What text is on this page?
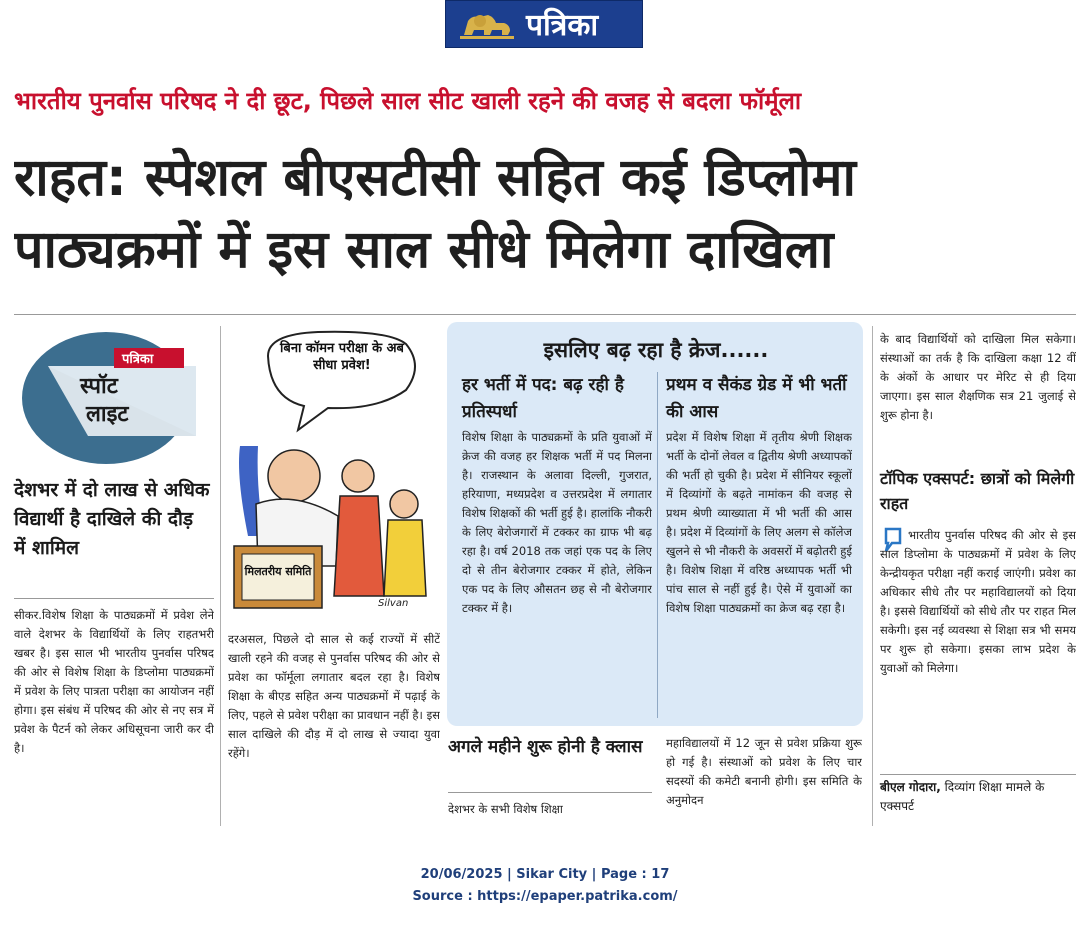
पत्रिका
भारतीय पुनर्वास परिषद ने दी छूट, पिछले साल सीट खाली रहने की वजह से बदला फॉर्मूला
राहत: स्पेशल बीएसटीसी सहित कई डिप्लोमा
पाठ्यक्रमों में इस साल सीधे मिलेगा दाखिला
पत्रिका
स्पॉट
लाइट
देशभर में दो लाख से अधिक विद्यार्थी है दाखिले की दौड़ में शामिल
सीकर.विशेष शिक्षा के पाठ्यक्रमों में प्रवेश लेने वाले देशभर के विद्यार्थियों के लिए राहतभरी खबर है। इस साल भी भारतीय पुनर्वास परिषद की ओर से विशेष शिक्षा के डिप्लोमा पाठ्यक्रमों में प्रवेश के लिए पात्रता परीक्षा का आयोजन नहीं होगा। इस संबंध में परिषद की ओर से नए सत्र में प्रवेश के पैटर्न को लेकर अधिसूचना जारी कर दी है।
बिना कॉमन परीक्षा के अब सीधा प्रवेश!
मिलतरीय समिति
Silvan
दरअसल, पिछले दो साल से कई राज्यों में सीटें खाली रहने की वजह से पुनर्वास परिषद की ओर से प्रवेश का फॉर्मूला लगातार बदल रहा है। विशेष शिक्षा के बीएड सहित अन्य पाठ्यक्रमों में पढ़ाई के लिए, पहले से प्रवेश परीक्षा का प्रावधान नहीं है। इस साल दाखिले की दौड़ में दो लाख से ज्यादा युवा रहेंगे।
इसलिए बढ़ रहा है क्रेज......
हर भर्ती में पद: बढ़ रही है प्रतिस्पर्धा
विशेष शिक्षा के पाठ्यक्रमों के प्रति युवाओं में क्रेज की वजह हर शिक्षक भर्ती में पद मिलना है। राजस्थान के अलावा दिल्ली, गुजरात, हरियाणा, मध्यप्रदेश व उत्तरप्रदेश में लगातार विशेष शिक्षकों की भर्ती हुई है। हालांकि नौकरी के लिए बेरोजगारों में टक्कर का ग्राफ भी बढ़ रहा है। वर्ष 2018 तक जहां एक पद के लिए दो से तीन बेरोजगार टक्कर में होते, लेकिन एक पद के लिए औसतन छह से नौ बेरोजगार टक्कर में है।
प्रथम व सैकंड ग्रेड में भी भर्ती की आस
प्रदेश में विशेष शिक्षा में तृतीय श्रेणी शिक्षक भर्ती के दोनों लेवल व द्वितीय श्रेणी अध्यापकों की भर्ती हो चुकी है। प्रदेश में सीनियर स्कूलों में दिव्यांगों के बढ़ते नामांकन की वजह से प्रथम श्रेणी व्याख्याता में भी भर्ती की आस है। प्रदेश में दिव्यांगों के लिए अलग से कॉलेज खुलने से भी नौकरी के अवसरों में बढ़ोतरी हुई है। विशेष शिक्षा में वरिष्ठ अध्यापक भर्ती भी पांच साल से नहीं हुई है। ऐसे में युवाओं का विशेष शिक्षा पाठ्यक्रमों का क्रेज बढ़ रहा है।
अगले महीने शुरू होनी है क्लास
देशभर के सभी विशेष शिक्षा
महाविद्यालयों में 12 जून से प्रवेश प्रक्रिया शुरू हो गई है। संस्थाओं को प्रवेश के लिए चार सदस्यों की कमेटी बनानी होगी। इस समिति के अनुमोदन
के बाद विद्यार्थियों को दाखिला मिल सकेगा। संस्थाओं का तर्क है कि दाखिला कक्षा 12 वीं के अंकों के आधार पर मेरिट से ही दिया जाएगा। इस साल शैक्षणिक सत्र 21 जुलाई से शुरू होना है।
टॉपिक एक्सपर्ट: छात्रों को मिलेगी राहत
भारतीय पुनर्वास परिषद की ओर से इस साल डिप्लोमा के पाठ्यक्रमों में प्रवेश के लिए केन्द्रीयकृत परीक्षा नहीं कराई जाएंगी। प्रवेश का अधिकार सीधे तौर पर महाविद्यालयों को दिया है। इससे विद्यार्थियों को सीधे तौर पर राहत मिल सकेगी। इस नई व्यवस्था से शिक्षा सत्र भी समय पर शुरू हो सकेगा। इसका लाभ प्रदेश के युवाओं को मिलेगा।
बीएल गोदारा, दिव्यांग शिक्षा मामले के एक्सपर्ट
20/06/2025 | Sikar City | Page : 17
Source : https://epaper.patrika.com/
